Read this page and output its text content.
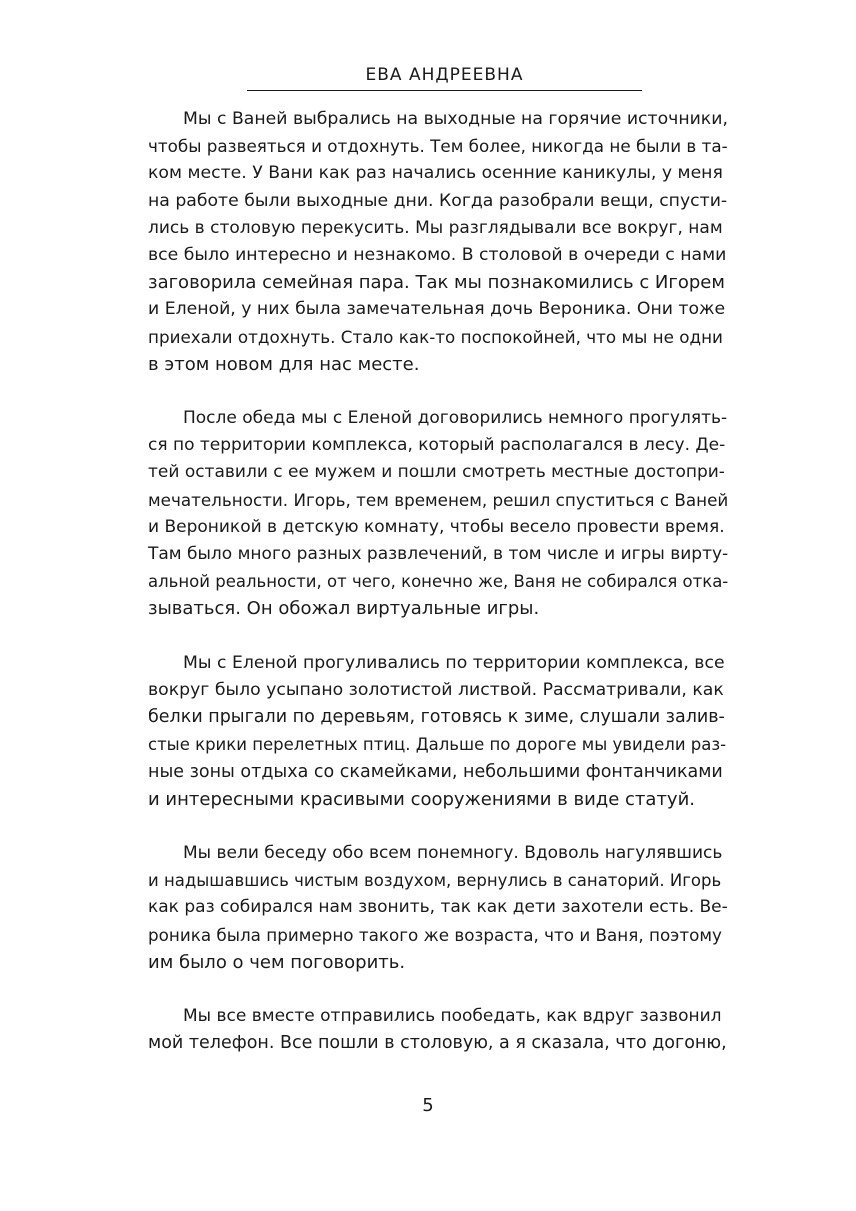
ЕВА АНДРЕЕВНА
Мы с Ваней выбрались на выходные на горячие источники,
чтобы развеяться и отдохнуть. Тем более, никогда не были в та-
ком месте. У Вани как раз начались осенние каникулы, у меня
на работе были выходные дни. Когда разобрали вещи, спусти-
лись в столовую перекусить. Мы разглядывали все вокруг, нам
все было интересно и незнакомо. В столовой в очереди с нами
заговорила семейная пара. Так мы познакомились с Игорем
и Еленой, у них была замечательная дочь Вероника. Они тоже
приехали отдохнуть. Стало как-то поспокойней, что мы не одни
в этом новом для нас месте.
После обеда мы с Еленой договорились немного прогулять-
ся по территории комплекса, который располагался в лесу. Де-
тей оставили с ее мужем и пошли смотреть местные достопри-
мечательности. Игорь, тем временем, решил спуститься с Ваней
и Вероникой в детскую комнату, чтобы весело провести время.
Там было много разных развлечений, в том числе и игры вирту-
альной реальности, от чего, конечно же, Ваня не собирался отка-
зываться. Он обожал виртуальные игры.
Мы с Еленой прогуливались по территории комплекса, все
вокруг было усыпано золотистой листвой. Рассматривали, как
белки прыгали по деревьям, готовясь к зиме, слушали залив-
стые крики перелетных птиц. Дальше по дороге мы увидели раз-
ные зоны отдыха со скамейками, небольшими фонтанчиками
и интересными красивыми сооружениями в виде статуй.
Мы вели беседу обо всем понемногу. Вдоволь нагулявшись
и надышавшись чистым воздухом, вернулись в санаторий. Игорь
как раз собирался нам звонить, так как дети захотели есть. Ве-
роника была примерно такого же возраста, что и Ваня, поэтому
им было о чем поговорить.
Мы все вместе отправились пообедать, как вдруг зазвонил
мой телефон. Все пошли в столовую, а я сказала, что догоню,
5
